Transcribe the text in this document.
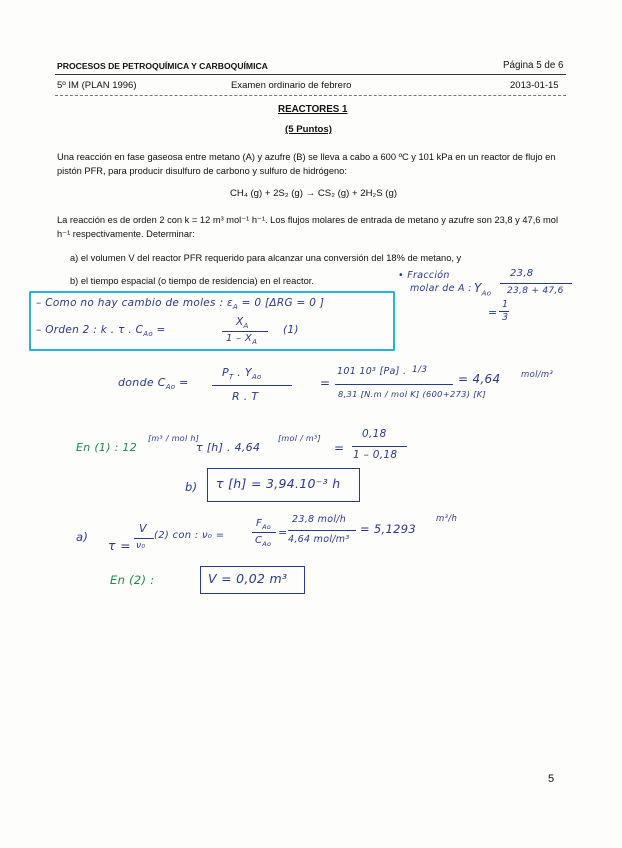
PROCESOS DE PETROQUÍMICA Y CARBOQUÍMICA	Página 5 de 6
5º IM (PLAN 1996)	Examen ordinario de febrero	2013-01-15
REACTORES 1
(5 Puntos)
Una reacción en fase gaseosa entre metano (A) y azufre (B) se lleva a cabo a 600 ºC y 101 kPa en un reactor de flujo en pistón PFR, para producir disulfuro de carbono y sulfuro de hidrógeno:
CH₄ (g) + 2S₂ (g) → CS₂ (g) + 2H₂S (g)
La reacción es de orden 2 con k = 12 m³ mol⁻¹ h⁻¹. Los flujos molares de entrada de metano y azufre son 23,8 y 47,6 mol h⁻¹ respectivamente. Determinar:
a) el volumen V del reactor PFR requerido para alcanzar una conversión del 18% de metano, y
b) el tiempo espacial (o tiempo de residencia) en el reactor.	• Fracción
molar de A : $Y_{Ao}$
23,8
23,8 + 47,6
=
1
3
– Como no hay cambio de moles : $\varepsilon_A = 0$ [ΔRG = 0 ]
– Orden 2 : k . τ . $C_{Ao}$ =
$X_A$
$1 - X_A$
(1)
donde $C_{Ao}$ =
$P_T$ . $Y_{Ao}$
R . T
=
101 10³ [Pa] . 1/3
8,31 [N.m / mol K] (600+273) [K]
= 4,64 mol/m³
En (1) : 12
[m³ / mol h]
τ [h] . 4,64
[mol / m³]
=
0,18
1 – 0,18
b) τ [h] = 3,94.10⁻³ h
a)
τ =
V
ν₀
(2) con : ν₀ =
$F_{Ao}$
$C_{Ao}$
=
23,8 mol/h
4,64 mol/m³
= 5,1293
m³/h
En (2) :	V = 0,02 m³
5
